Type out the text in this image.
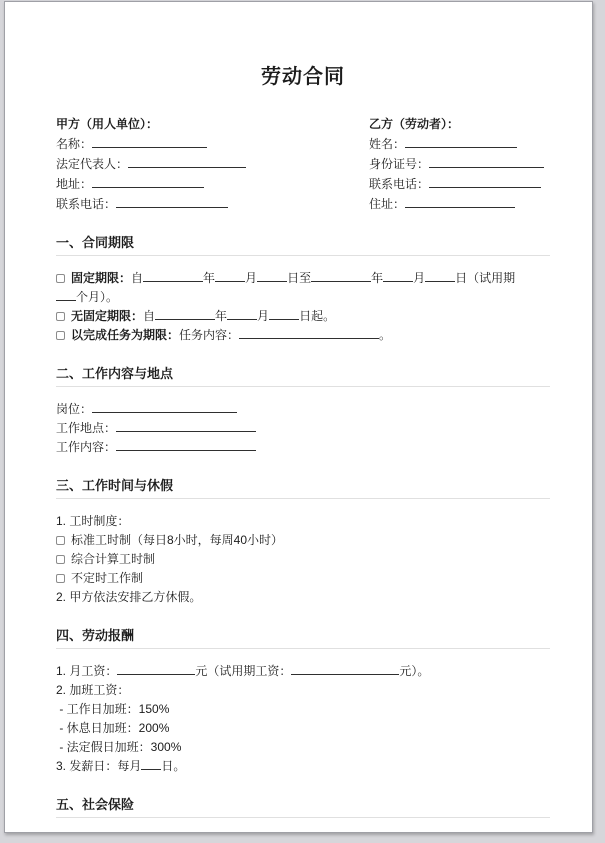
劳动合同
甲方（用人单位）：
名称：
法定代表人：
地址：
联系电话：
乙方（劳动者）：
姓名：
身份证号：
联系电话：
住址：
一、合同期限
固定期限：自	年	月	日至	年	月	日（试用期
个月）。
无固定期限：自	年	月	日起。
以完成任务为期限：任务内容：	。
二、工作内容与地点
岗位：
工作地点：
工作内容：
三、工作时间与休假
1. 工时制度：
标准工时制（每日8小时，每周40小时）
综合计算工时制
不定时工作制
2. 甲方依法安排乙方休假。
四、劳动报酬
1. 月工资：	元（试用期工资：	元）。
2. 加班工资：
- 工作日加班：150%
- 休息日加班：200%
- 法定假日加班：300%
3. 发薪日：每月 日。
五、社会保险
